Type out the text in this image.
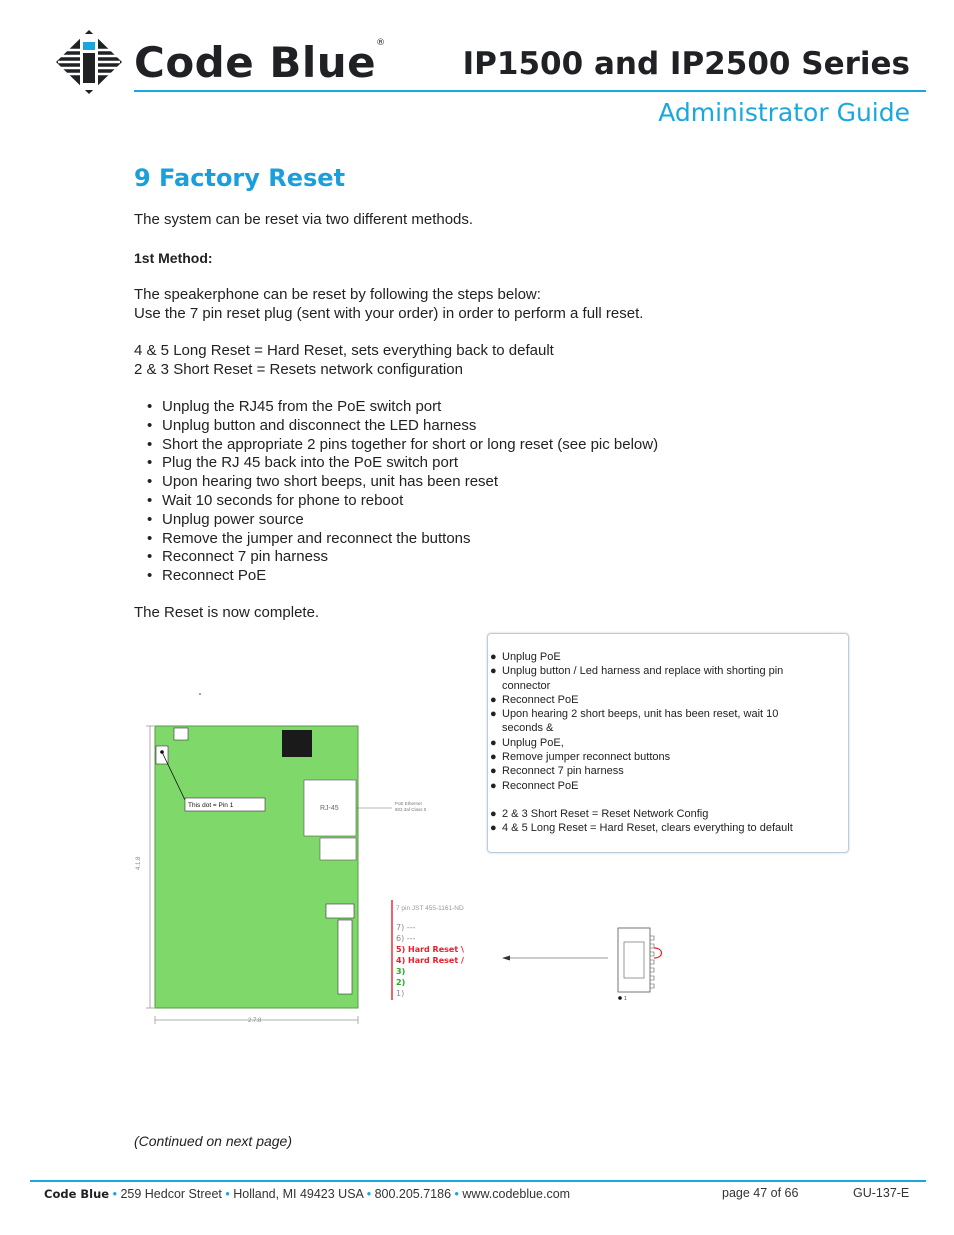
Code Blue®
IP1500 and IP2500 Series
Administrator Guide
9 Factory Reset
The system can be reset via two different methods.
1st Method:
The speakerphone can be reset by following the steps below:
Use the 7 pin reset plug (sent with your order) in order to perform a full reset.
4 & 5 Long Reset = Hard Reset, sets everything back to default
2 & 3 Short Reset = Resets network configuration
• Unplug the RJ45 from the PoE switch port
• Unplug button and disconnect the LED harness
• Short the appropriate 2 pins together for short or long reset (see pic below)
• Plug the RJ 45 back into the PoE switch port
• Upon hearing two short beeps, unit has been reset
• Wait 10 seconds for phone to reboot
• Unplug power source
• Remove the jumper and reconnect the buttons
• Reconnect 7 pin harness
• Reconnect PoE
The Reset is now complete.
● Unplug PoE
● Unplug button / Led harness and replace with shorting pin
connector
● Reconnect PoE
● Upon hearing 2 short beeps, unit has been reset, wait 10
seconds &
● Unplug PoE,
● Remove jumper reconnect buttons
● Reconnect 7 pin harness
● Reconnect PoE
● 2 & 3 Short Reset = Reset Network Config
● 4 & 5 Long Reset = Hard Reset, clears everything to default
4.1.8
2.7.8
This dot = Pin 1	RJ-45
PoE Ethernet
802.3af Class 0
7 pin JST 455-1161-ND
7) ---
6) ---
5) Hard Reset \
4) Hard Reset /
3)
2)
1)
1
(Continued on next page)
Code Blue • 259 Hedcor Street • Holland, MI 49423 USA • 800.205.7186 • www.codeblue.com	page 47 of 66	GU-137-E
